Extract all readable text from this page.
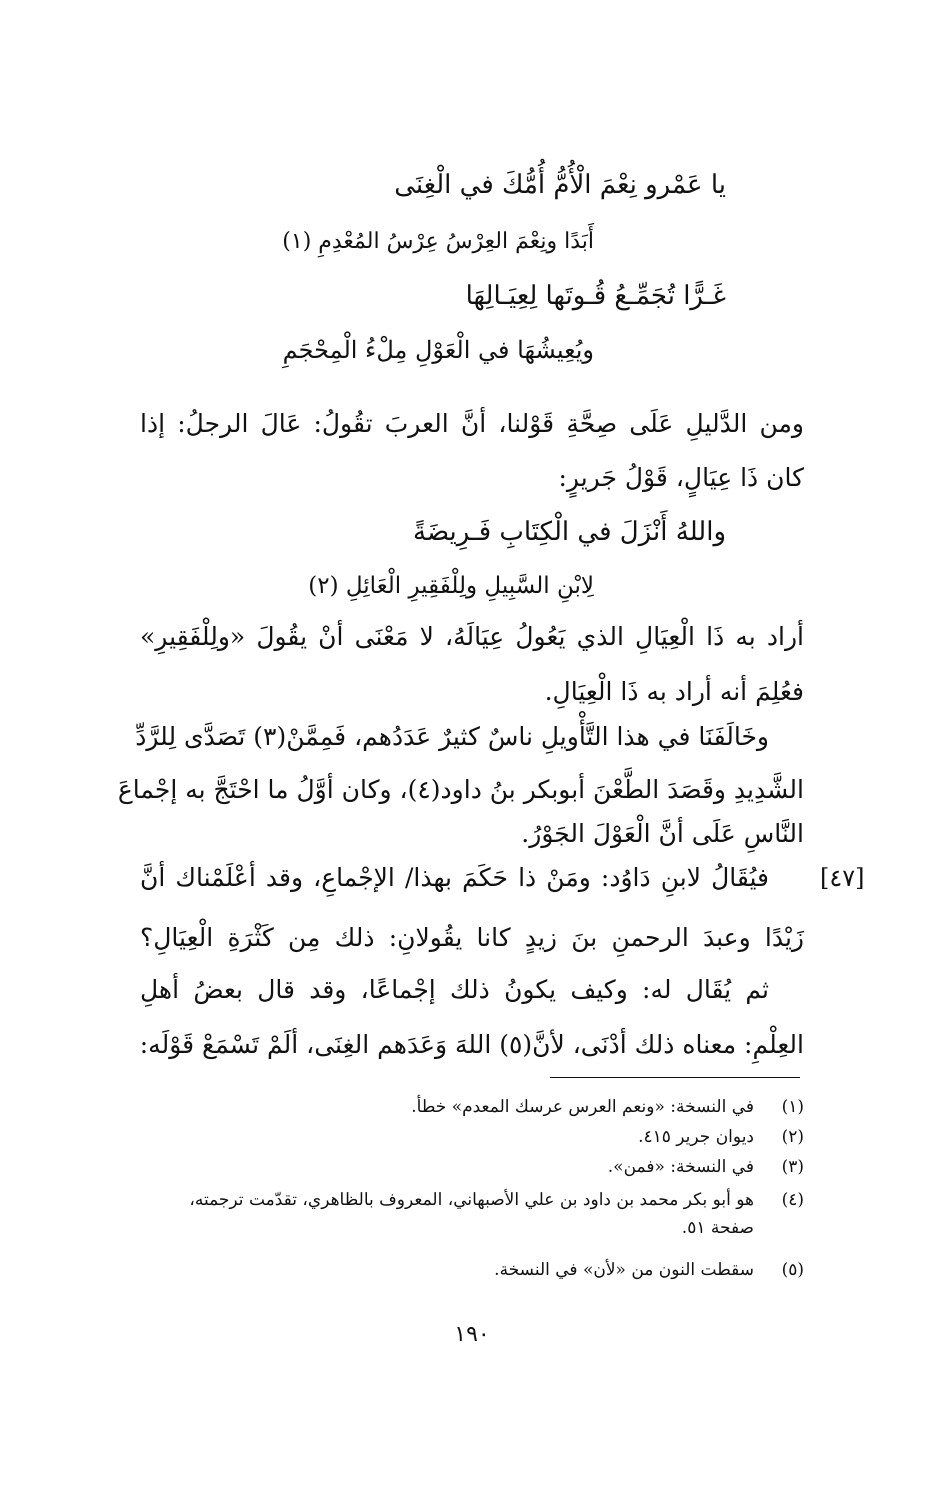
يا عَمْرو نِعْمَ الْأُمُّ أُمُّكَ في الْغِنَى
أَبَدًا ونِعْمَ العِرْسُ عِرْسُ المُعْدِمِ (١)
غَـرًّا تُجَمِّـعُ قُـوتَها لِعِيَـالِهَا
ويُعِيشُهَا في الْعَوْلِ مِلْءُ الْمِحْجَمِ
ومن الدَّليلِ عَلَى صِحَّةِ قَوْلنا، أنَّ العربَ تقُولُ: عَالَ الرجلُ: إذا
كان ذَا عِيَالٍ، قَوْلُ جَريرٍ:
واللهُ أَنْزَلَ في الْكِتَابِ فَـرِيضَةً
لِابْنِ السَّبِيلِ ولِلْفَقِيرِ الْعَائِلِ (٢)
أراد به ذَا الْعِيَالِ الذي يَعُولُ عِيَالَهُ، لا مَعْنَى أنْ يقُولَ «ولِلْفَقِيرِ»
فعُلِمَ أنه أراد به ذَا الْعِيَالِ.
وخَالَفَنَا في هذا التَّأْويلِ ناسٌ كثيرٌ عَدَدُهم، فَمِمَّنْ(٣) تَصَدَّى لِلرَّدِّ
الشَّدِيدِ وقَصَدَ الطَّعْنَ أبوبكر بنُ داود(٤)، وكان أوَّلُ ما احْتَجَّ به إجْماعَ
النَّاسِ عَلَى أنَّ الْعَوْلَ الجَوْرُ.
[٤٧]
فيُقَالُ لابنِ دَاوُد: ومَنْ ذا حَكَمَ بهذا/ الإجْماعِ، وقد أعْلَمْناك أنَّ
زَيْدًا وعبدَ الرحمنِ بنَ زيدٍ كانا يقُولانِ: ذلك مِن كَثْرَةِ الْعِيَالِ؟
ثم يُقَال له: وكيف يكونُ ذلك إجْماعًا، وقد قال بعضُ أهلِ
العِلْمِ: معناه ذلك أدْنَى، لأنَّ(٥) اللهَ وَعَدَهم الغِنَى، ألَمْ تَسْمَعْ قَوْلَه:
(١)في النسخة: «ونعم العرس عرسك المعدم» خطأ.
(٢)ديوان جرير ٤١٥.
(٣)في النسخة: «فمن».
(٤)هو أبو بكر محمد بن داود بن علي الأصبهاني، المعروف بالظاهري، تقدّمت ترجمته،
صفحة ٥١.
(٥)سقطت النون من «لأن» في النسخة.
١٩٠
